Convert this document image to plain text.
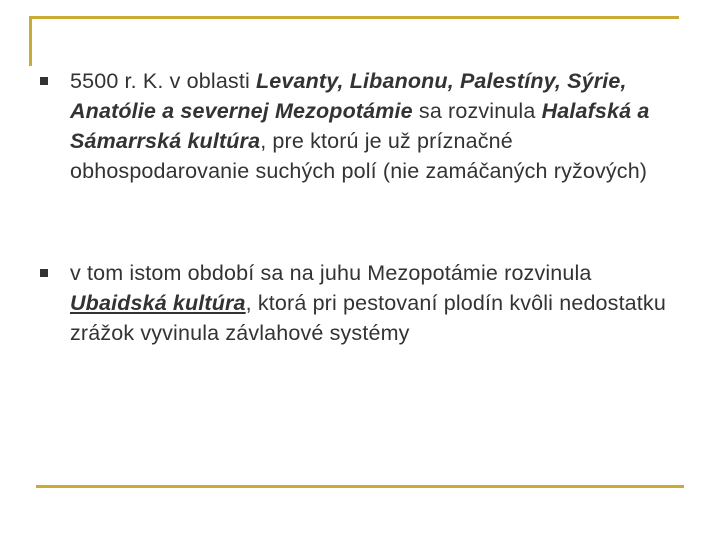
5500 r. K. v oblasti Levanty, Libanonu, Palestíny, Sýrie, Anatólie a severnej Mezopotámie sa rozvinula Halafská a Sámarrská kultúra, pre ktorú je už príznačné obhospodarovanie suchých polí (nie zamáčaných ryžových)

v tom istom období sa na juhu Mezopotámie rozvinula Ubaidská kultúra, ktorá pri pestovaní plodín kvôli nedostatku zrážok vyvinula závlahové systémy
